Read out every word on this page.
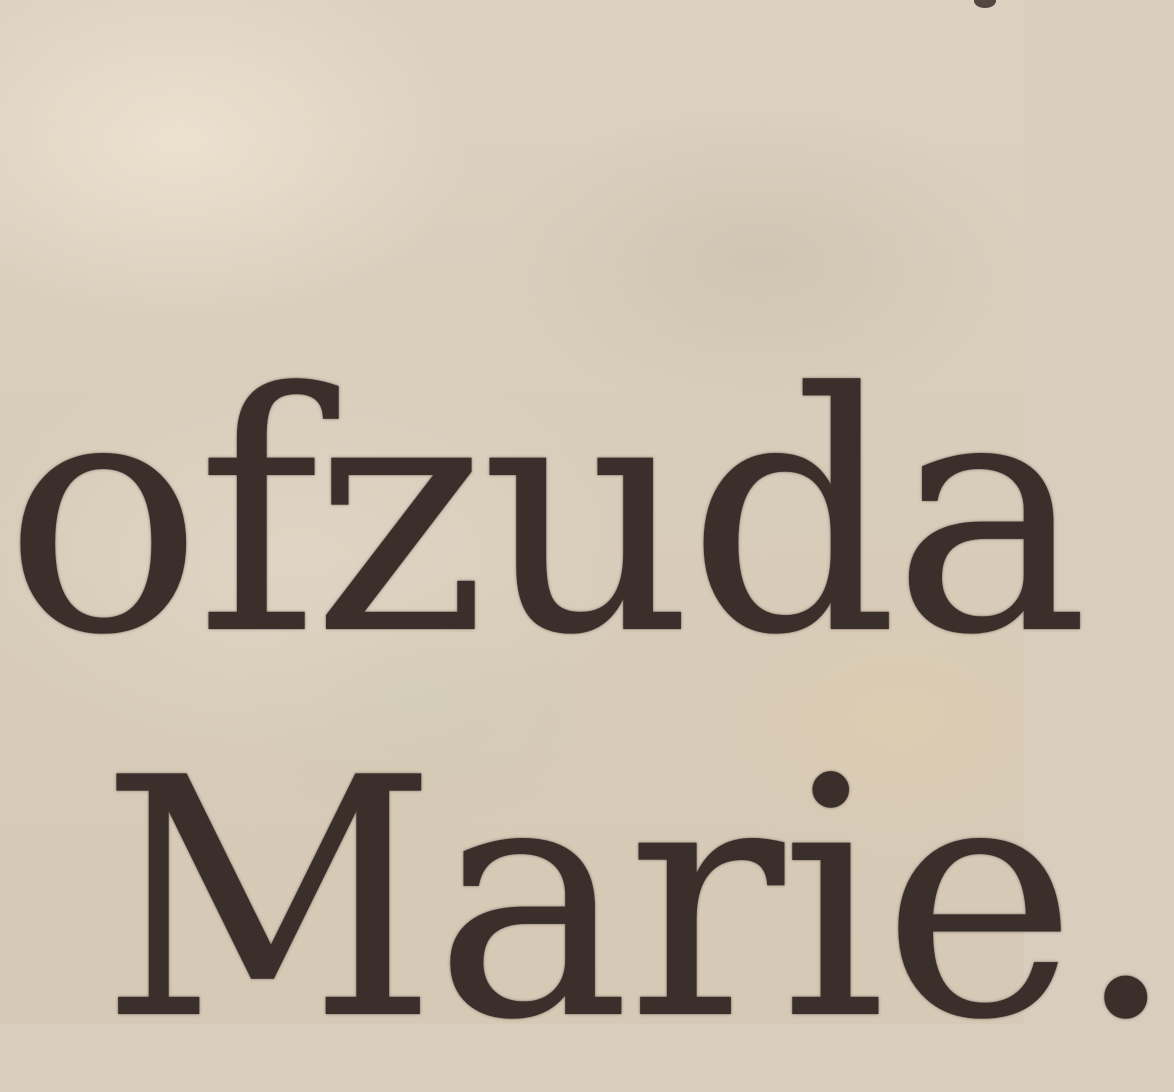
ofzuda
Marie.
